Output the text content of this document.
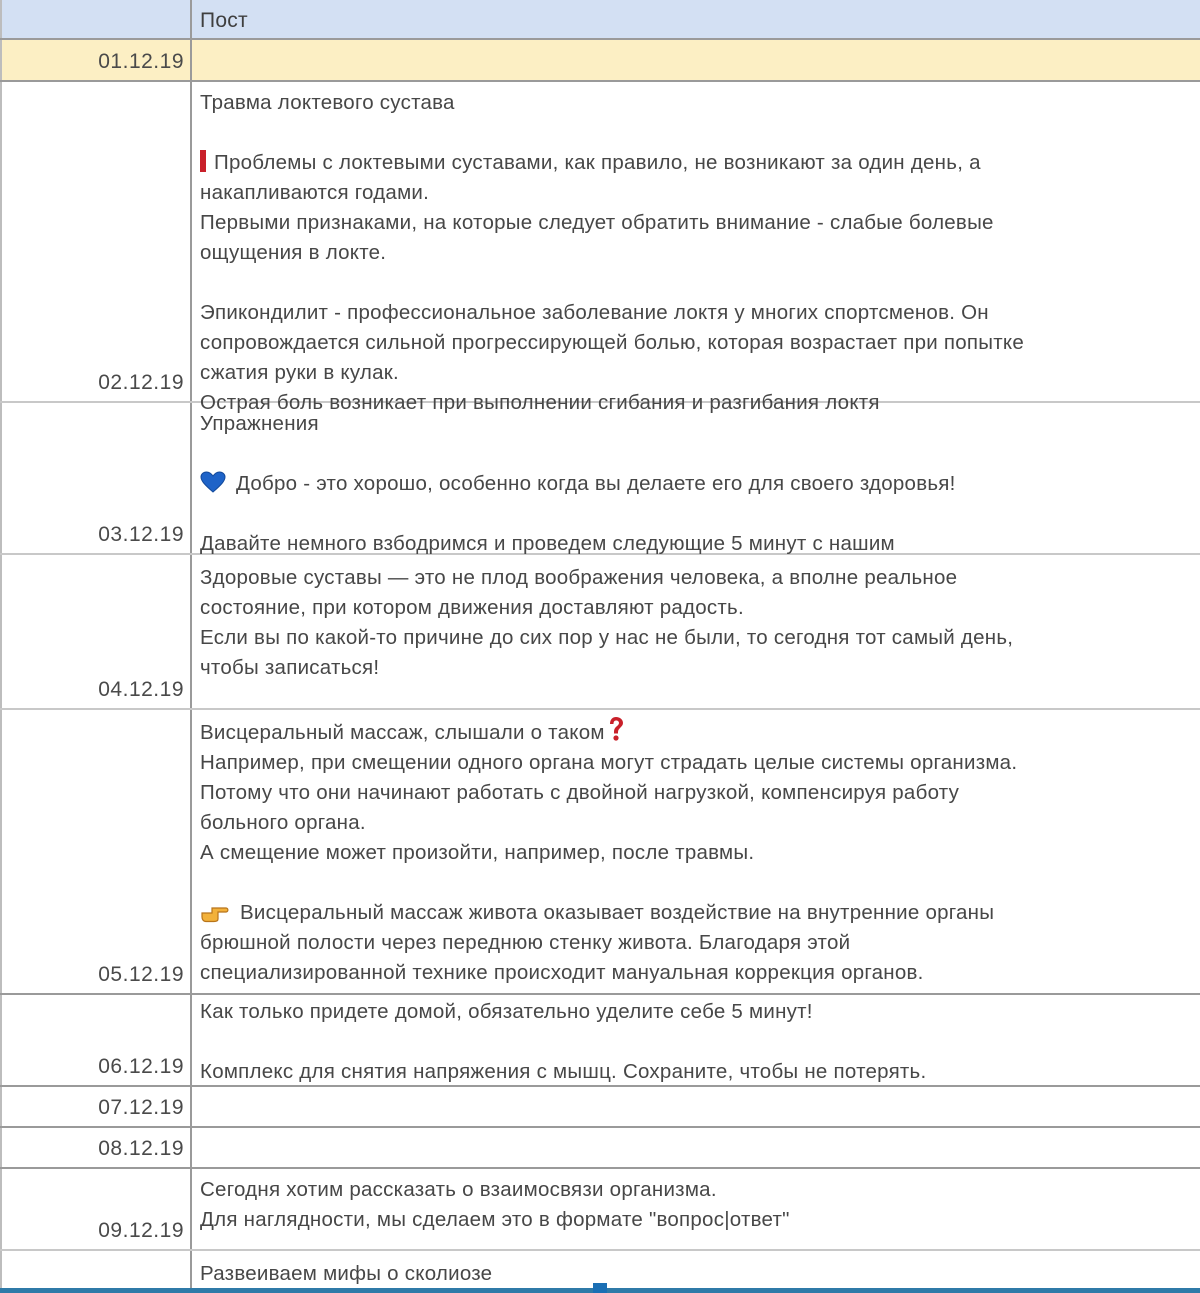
Пост
01.12.19
02.12.19
Травма локтевого сустава

Проблемы с локтевыми суставами, как правило, не возникают за один день, а
накапливаются годами.
Первыми признаками, на которые следует обратить внимание - слабые болевые
ощущения в локте.

Эпикондилит - профессиональное заболевание локтя у многих спортсменов. Он
сопровождается сильной прогрессирующей болью, которая возрастает при попытке
сжатия руки в кулак.
Острая боль возникает при выполнении сгибания и разгибания локтя
03.12.19
Упражнения

Добро - это хорошо, особенно когда вы делаете его для своего здоровья!

Давайте немного взбодримся и проведем следующие 5 минут с нашим
04.12.19
Здоровые суставы — это не плод воображения человека, а вполне реальное
состояние, при котором движения доставляют радость.
Если вы по какой-то причине до сих пор у нас не были, то сегодня тот самый день,
чтобы записаться!
05.12.19
Висцеральный массаж, слышали о таком
Например, при смещении одного органа могут страдать целые системы организма.
Потому что они начинают работать с двойной нагрузкой, компенсируя работу
больного органа.
А смещение может произойти, например, после травмы.

Висцеральный массаж живота оказывает воздействие на внутренние органы
брюшной полости через переднюю стенку живота. Благодаря этой
специализированной технике происходит мануальная коррекция органов.
06.12.19
Как только придете домой, обязательно уделите себе 5 минут!

Комплекс для снятия напряжения с мышц. Сохраните, чтобы не потерять.
07.12.19
08.12.19
09.12.19
Сегодня хотим рассказать о взаимосвязи организма.
Для наглядности, мы сделаем это в формате "вопрос|ответ"

Развеиваем мифы о сколиозе
